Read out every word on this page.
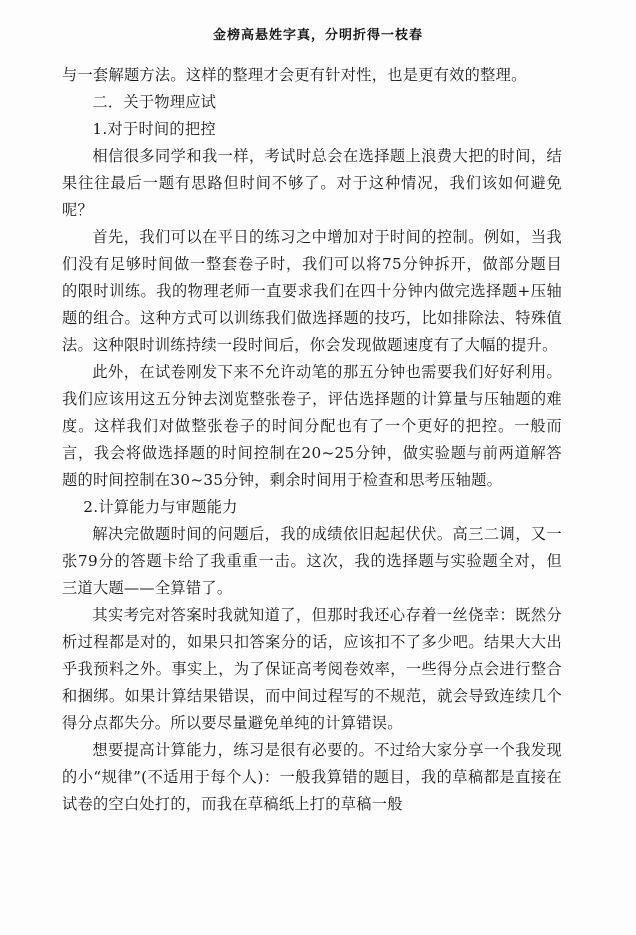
金榜高悬姓字真，分明折得一枝春

与一套解题方法。这样的整理才会更有针对性，也是更有效的整理。

二．关于物理应试

1.对于时间的把控

相信很多同学和我一样，考试时总会在选择题上浪费大把的时间，结果往往最后一题有思路但时间不够了。对于这种情况，我们该如何避免呢？

首先，我们可以在平日的练习之中增加对于时间的控制。例如，当我们没有足够时间做一整套卷子时，我们可以将75分钟拆开，做部分题目的限时训练。我的物理老师一直要求我们在四十分钟内做完选择题+压轴题的组合。这种方式可以训练我们做选择题的技巧，比如排除法、特殊值法。这种限时训练持续一段时间后，你会发现做题速度有了大幅的提升。

此外，在试卷刚发下来不允许动笔的那五分钟也需要我们好好利用。我们应该用这五分钟去浏览整张卷子，评估选择题的计算量与压轴题的难度。这样我们对做整张卷子的时间分配也有了一个更好的把控。一般而言，我会将做选择题的时间控制在20~25分钟，做实验题与前两道解答题的时间控制在30~35分钟，剩余时间用于检查和思考压轴题。

2.计算能力与审题能力

解决完做题时间的问题后，我的成绩依旧起起伏伏。高三二调，又一张79分的答题卡给了我重重一击。这次，我的选择题与实验题全对，但三道大题——全算错了。

其实考完对答案时我就知道了，但那时我还心存着一丝侥幸：既然分析过程都是对的，如果只扣答案分的话，应该扣不了多少吧。结果大大出乎我预料之外。事实上，为了保证高考阅卷效率，一些得分点会进行整合和捆绑。如果计算结果错误，而中间过程写的不规范，就会导致连续几个得分点都失分。所以要尽量避免单纯的计算错误。

想要提高计算能力，练习是很有必要的。不过给大家分享一个我发现的小“规律”(不适用于每个人)：一般我算错的题目，我的草稿都是直接在试卷的空白处打的，而我在草稿纸上打的草稿一般
